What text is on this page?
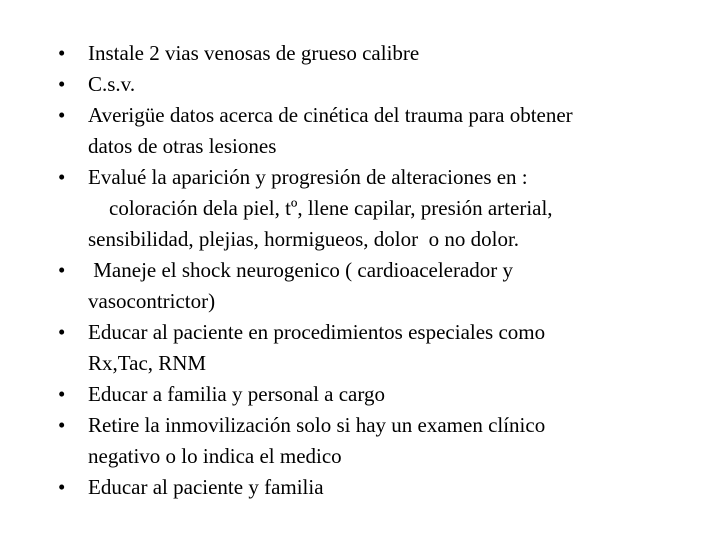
•	Instale 2 vias venosas de grueso calibre
•	C.s.v.
•	Averigüe datos acerca de cinética del trauma para obtener
datos de otras lesiones
•	Evalué la aparición y progresión de alteraciones en :
coloración dela piel, tº, llene capilar, presión arterial,
sensibilidad, plejias, hormigueos, dolor  o no dolor.
•	Maneje el shock neurogenico ( cardioacelerador y
vasocontrictor)
•	Educar al paciente en procedimientos especiales como
Rx,Tac, RNM
•	Educar a familia y personal a cargo
•	Retire la inmovilización solo si hay un examen clínico
negativo o lo indica el medico
•	Educar al paciente y familia
